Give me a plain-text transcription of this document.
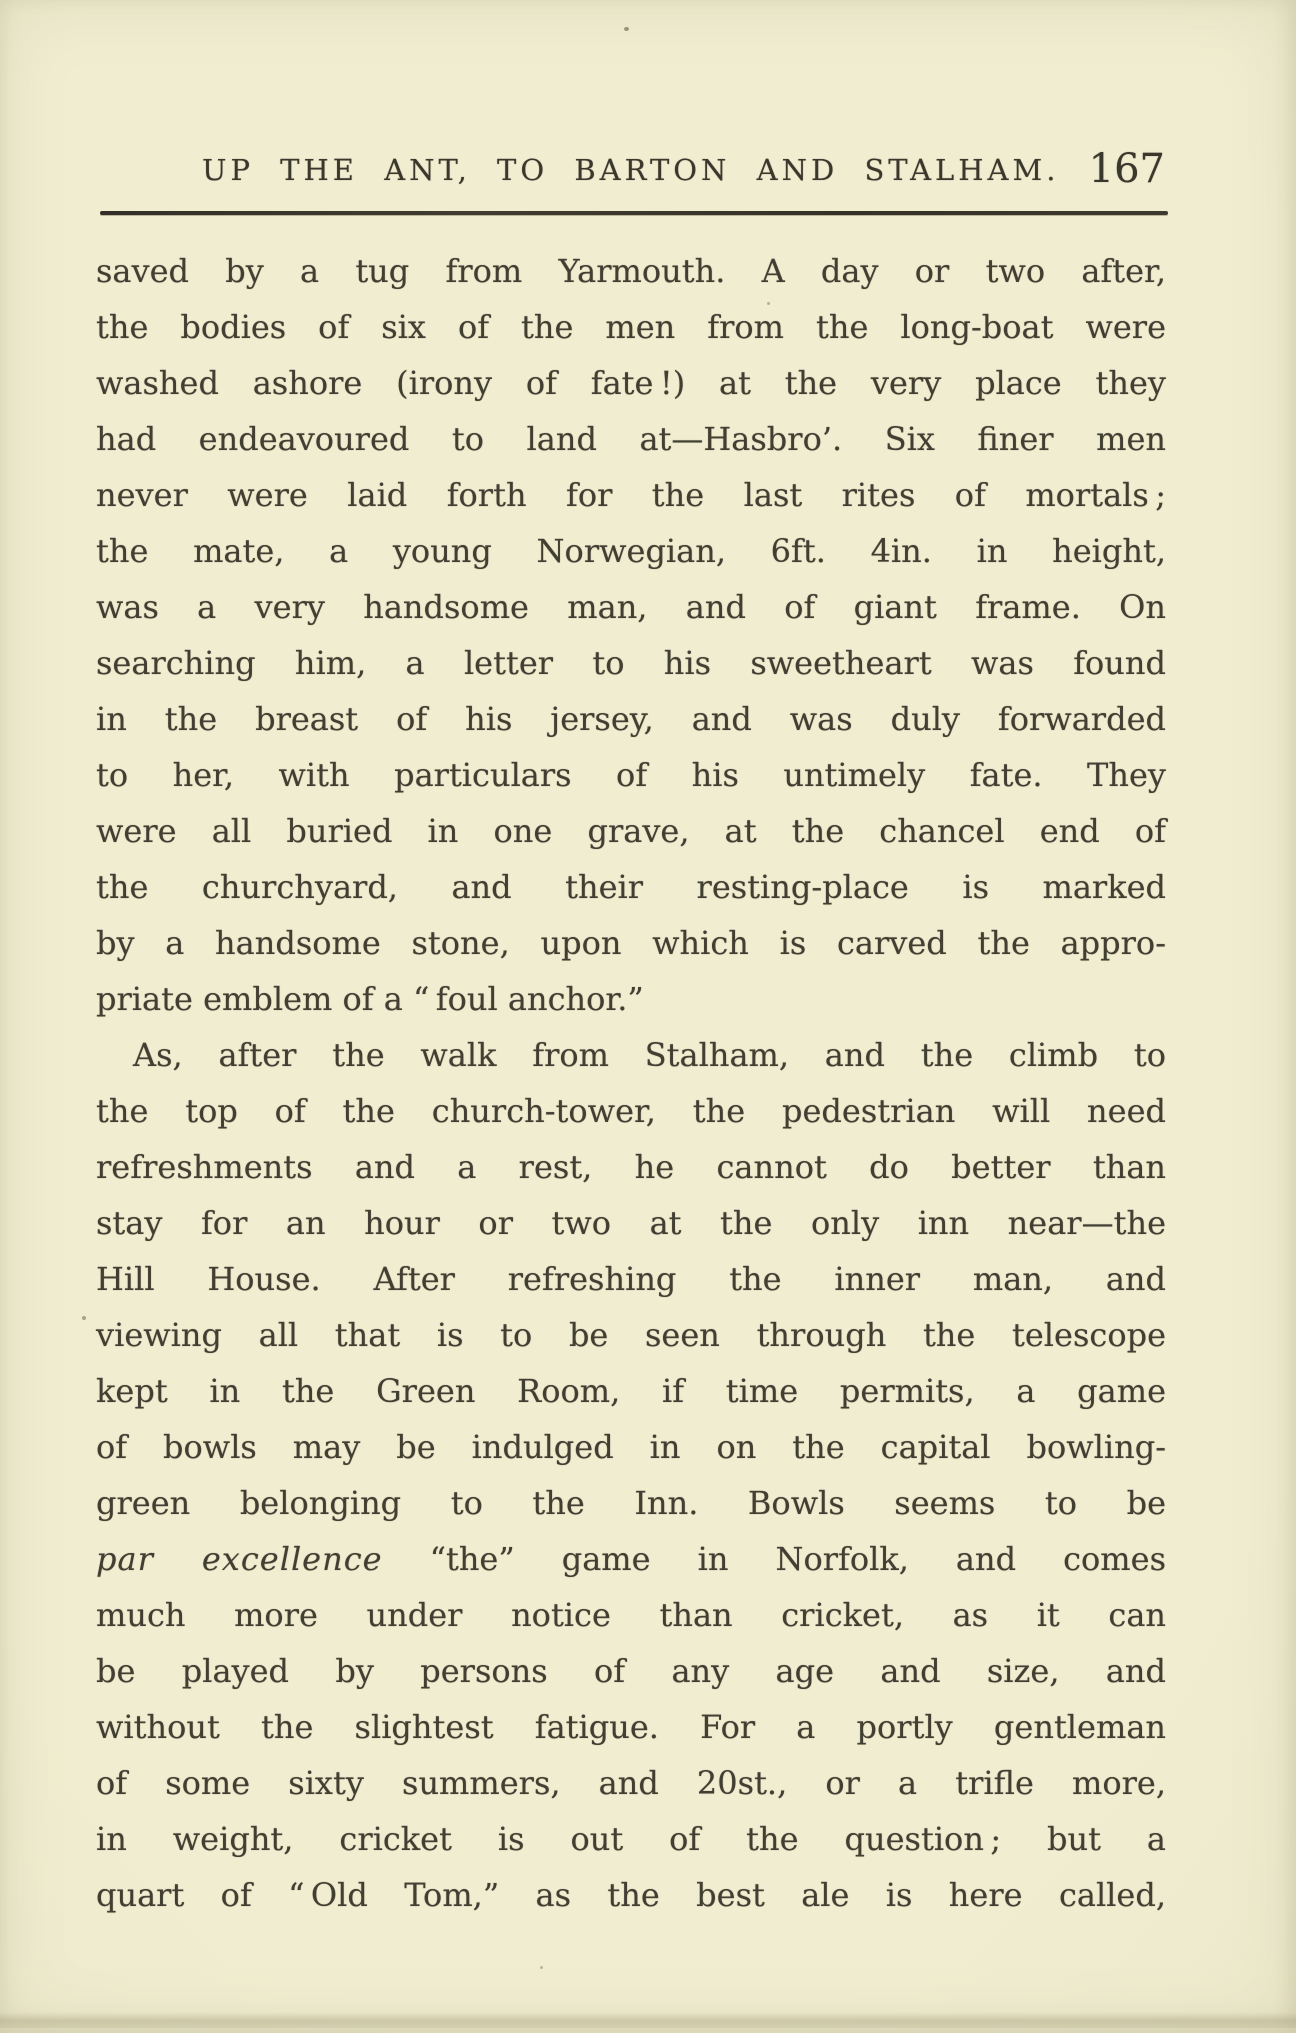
UP THE ANT, TO BARTON AND STALHAM. 167
saved by a tug from Yarmouth. A day or two after,
the bodies of six of the men from the long-boat were
washed ashore (irony of fate !) at the very place they
had endeavoured to land at—Hasbro’. Six finer men
never were laid forth for the last rites of mortals ;
the mate, a young Norwegian, 6ft. 4in. in height,
was a very handsome man, and of giant frame. On
searching him, a letter to his sweetheart was found
in the breast of his jersey, and was duly forwarded
to her, with particulars of his untimely fate. They
were all buried in one grave, at the chancel end of
the churchyard, and their resting-place is marked
by a handsome stone, upon which is carved the appro-
priate emblem of a “ foul anchor.”
As, after the walk from Stalham, and the climb to
the top of the church-tower, the pedestrian will need
refreshments and a rest, he cannot do better than
stay for an hour or two at the only inn near—the
Hill House. After refreshing the inner man, and
viewing all that is to be seen through the telescope
kept in the Green Room, if time permits, a game
of bowls may be indulged in on the capital bowling-
green belonging to the Inn. Bowls seems to be
par excellence “the” game in Norfolk, and comes
much more under notice than cricket, as it can
be played by persons of any age and size, and
without the slightest fatigue. For a portly gentleman
of some sixty summers, and 20st., or a trifle more,
in weight, cricket is out of the question ; but a
quart of “ Old Tom,” as the best ale is here called,
